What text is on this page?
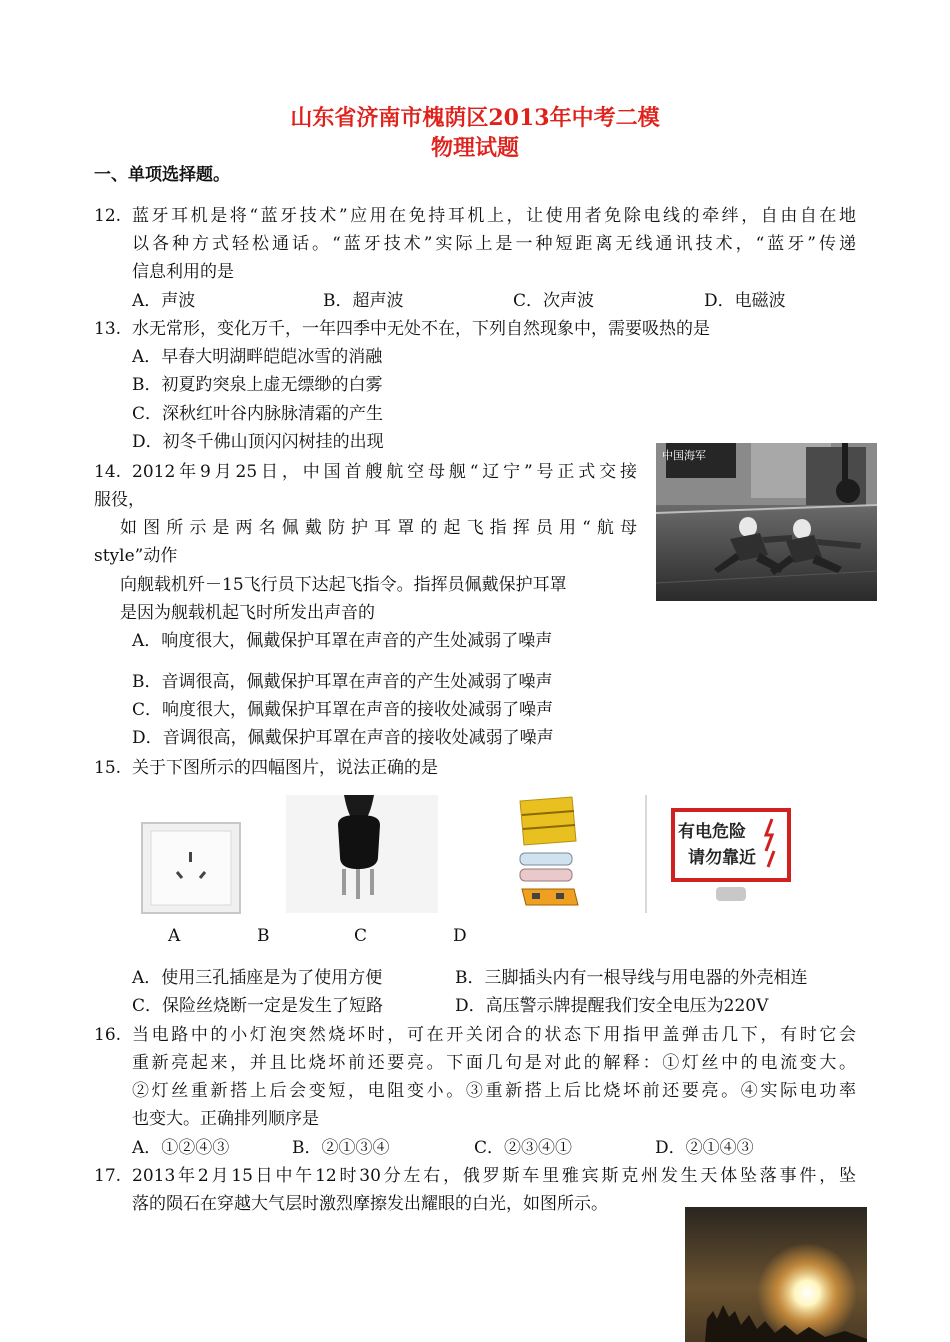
山东省济南市槐荫区2013年中考二模
物理试题
一、单项选择题。
12. 蓝牙耳机是将“蓝牙技术”应用在免持耳机上，让使用者免除电线的牵绊，自由自在地
以各种方式轻松通话。“蓝牙技术”实际上是一种短距离无线通讯技术，“蓝牙”传递
信息利用的是
A．声波	B．超声波	C．次声波	D．电磁波
13. 水无常形，变化万千，一年四季中无处不在，下列自然现象中，需要吸热的是
A．早春大明湖畔皑皑冰雪的消融
B．初夏趵突泉上虚无缥缈的白雾
C．深秋红叶谷内脉脉清霜的产生
D．初冬千佛山顶闪闪树挂的出现
14. 2012年9月25日，中国首艘航空母舰“辽宁”号正式交接
服役，
如图所示是两名佩戴防护耳罩的起飞指挥员用“航母
style”动作
向舰载机歼－15飞行员下达起飞指令。指挥员佩戴保护耳罩
是因为舰载机起飞时所发出声音的
A．响度很大，佩戴保护耳罩在声音的产生处减弱了噪声
B．音调很高，佩戴保护耳罩在声音的产生处减弱了噪声
C．响度很大，佩戴保护耳罩在声音的接收处减弱了噪声
D．音调很高，佩戴保护耳罩在声音的接收处减弱了噪声
中国海军
15. 关于下图所示的四幅图片，说法正确的是
有电危险
请勿靠近
A	B	C	D
A．使用三孔插座是为了使用方便	B．三脚插头内有一根导线与用电器的外壳相连
C．保险丝烧断一定是发生了短路	D．高压警示牌提醒我们安全电压为220V
16. 当电路中的小灯泡突然烧坏时，可在开关闭合的状态下用指甲盖弹击几下，有时它会
重新亮起来，并且比烧坏前还要亮。下面几句是对此的解释：①灯丝中的电流变大。
②灯丝重新搭上后会变短，电阻变小。③重新搭上后比烧坏前还要亮。④实际电功率
也变大。正确排列顺序是
A．①②④③	B．②①③④	C．②③④①	D．②①④③
17. 2013年2月15日中午12时30分左右，俄罗斯车里雅宾斯克州发生天体坠落事件，坠
落的陨石在穿越大气层时激烈摩擦发出耀眼的白光，如图所示。
